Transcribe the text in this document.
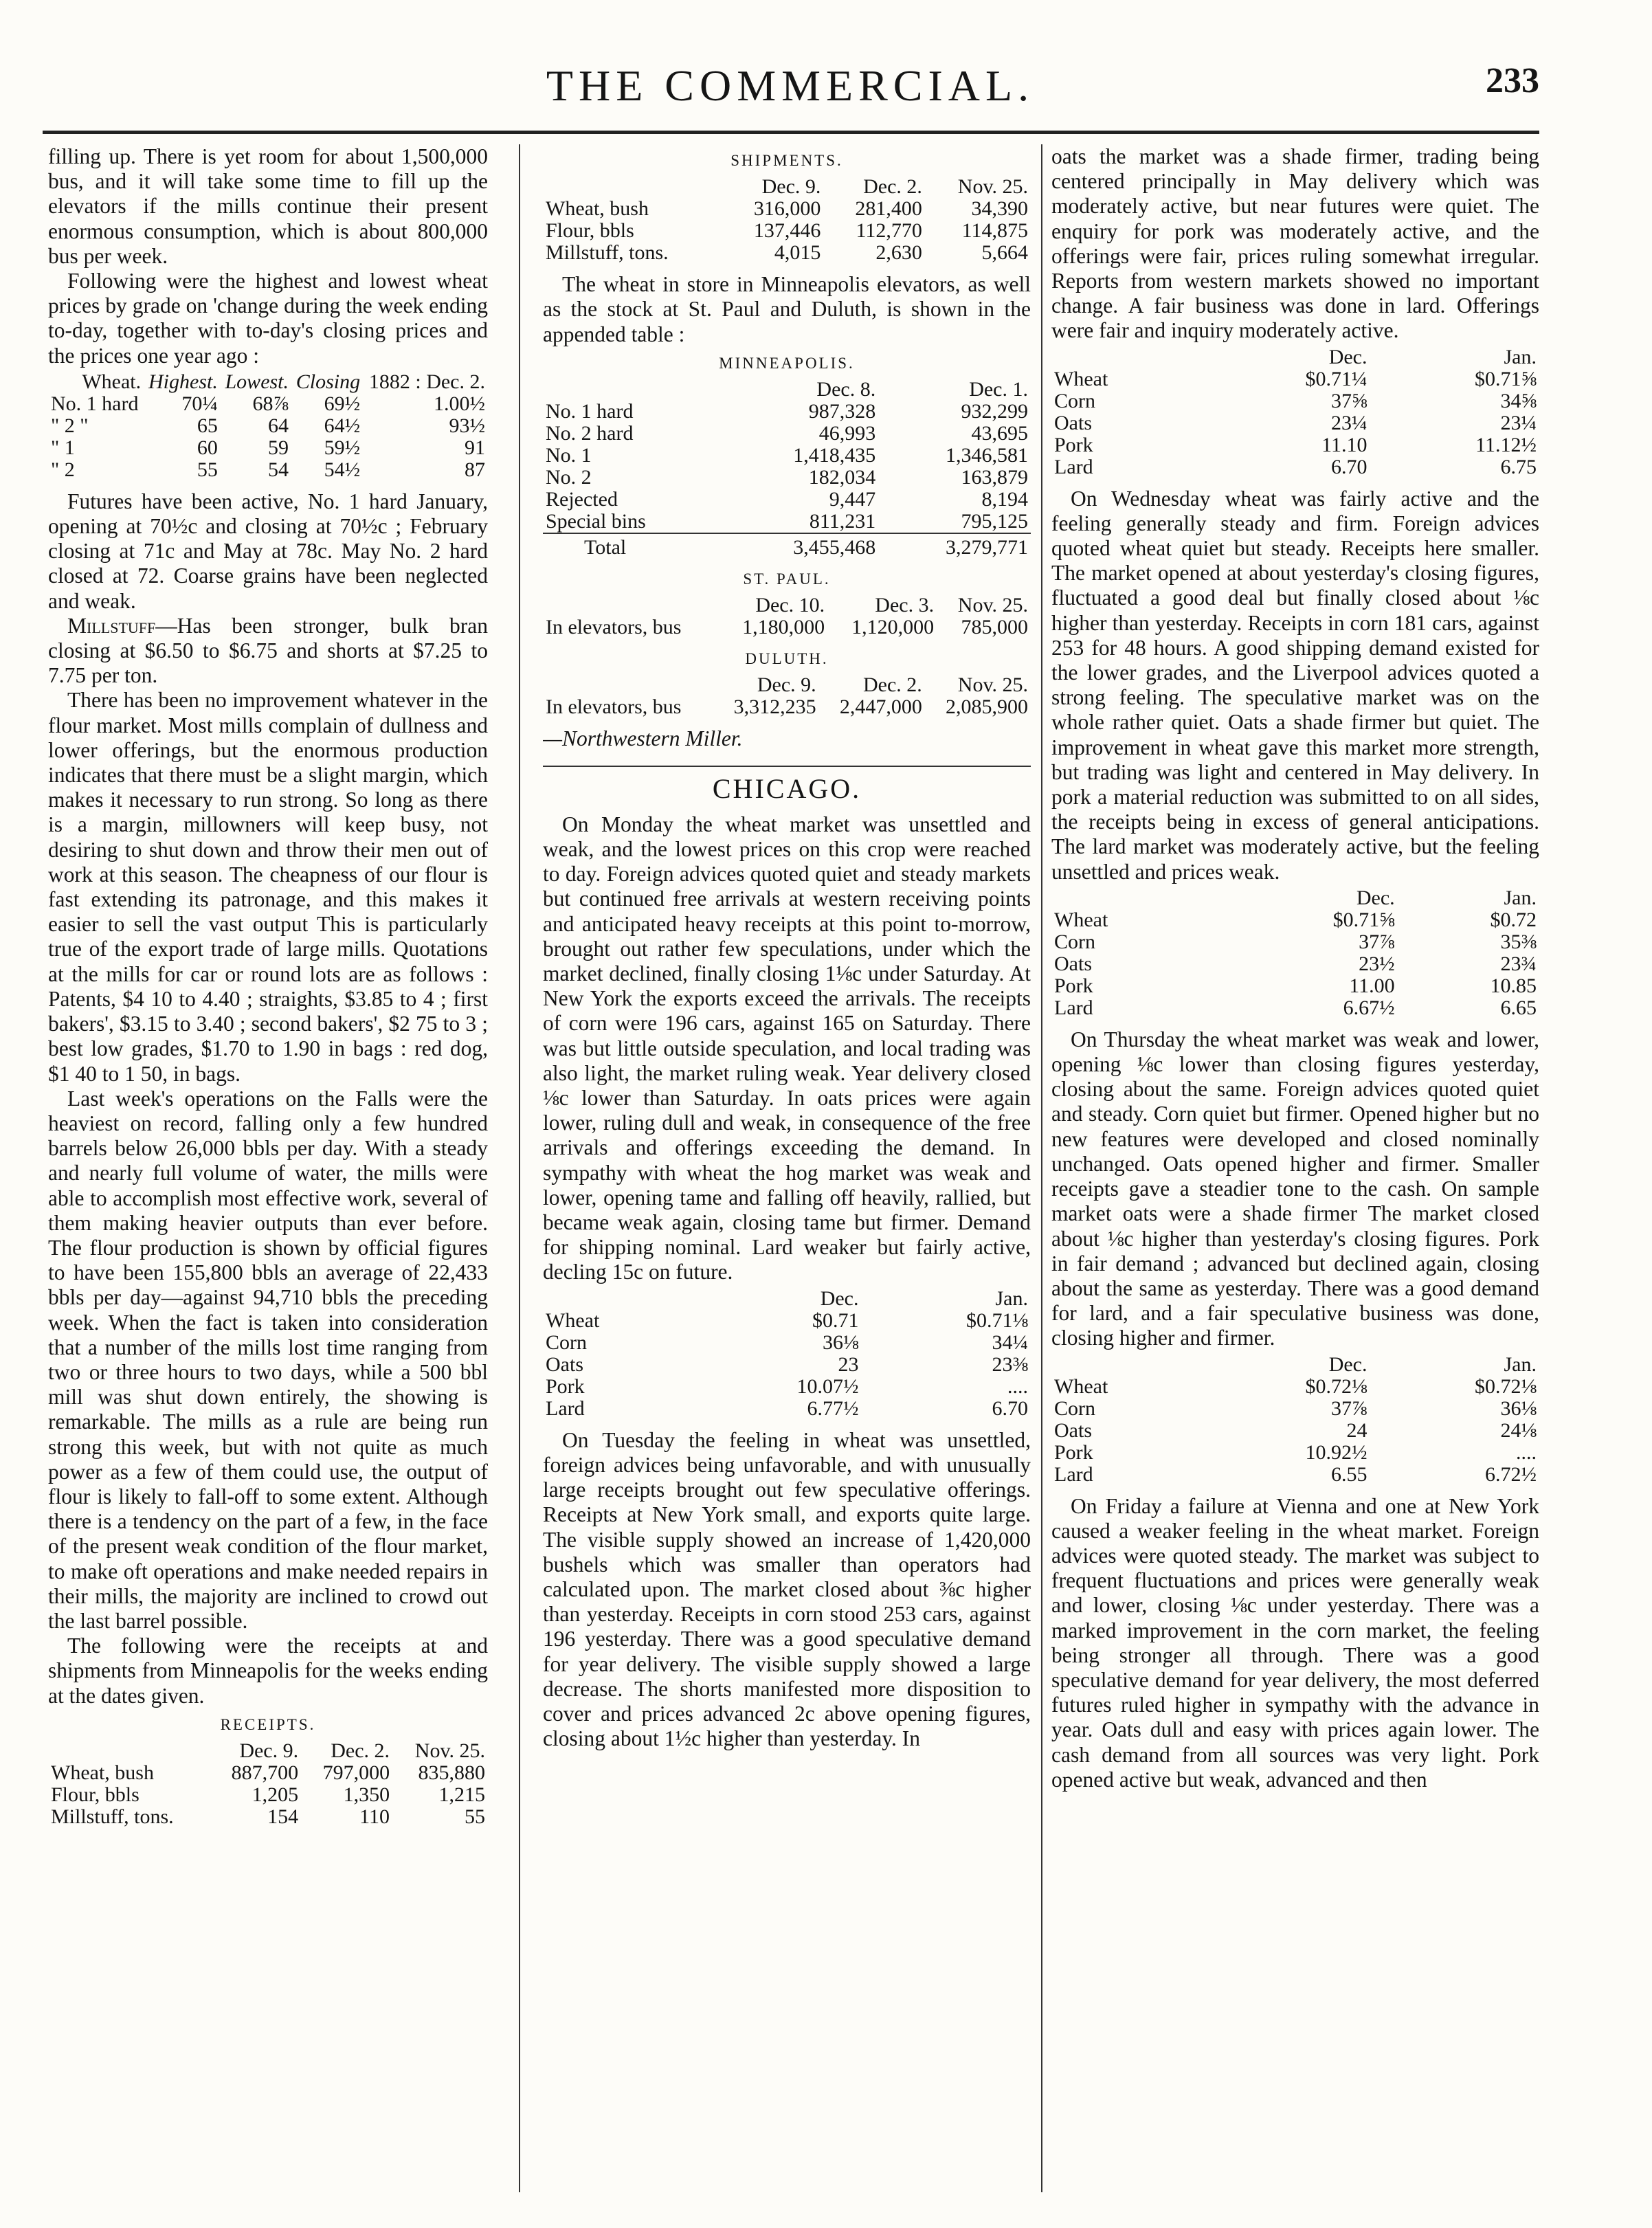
THE COMMERCIAL.	233

filling up. There is yet room for about 1,500,000 bus, and it will take some time to fill up the elevators if the mills continue their present enormous consumption, which is about 800,000 bus per week.

Following were the highest and lowest wheat prices by grade on 'change during the week ending to-day, together with to-day's closing prices and the prices one year ago :

Wheat.	Highest.	Lowest.	Closing	1882 : Dec. 2.
No. 1 hard	70¼	68⅞	69½	1.00½
" 2 "	65	64	64½	93½
" 1	60	59	59½	91
" 2	55	54	54½	87

Futures have been active, No. 1 hard January, opening at 70½c and closing at 70½c ; February closing at 71c and May at 78c. May No. 2 hard closed at 72. Coarse grains have been neglected and weak.

Millstuff—Has been stronger, bulk bran closing at $6.50 to $6.75 and shorts at $7.25 to 7.75 per ton.

There has been no improvement whatever in the flour market. Most mills complain of dullness and lower offerings, but the enormous production indicates that there must be a slight margin, which makes it necessary to run strong. So long as there is a margin, millowners will keep busy, not desiring to shut down and throw their men out of work at this season. The cheapness of our flour is fast extending its patronage, and this makes it easier to sell the vast output This is particularly true of the export trade of large mills. Quotations at the mills for car or round lots are as follows : Patents, $4 10 to 4.40 ; straights, $3.85 to 4 ; first bakers', $3.15 to 3.40 ; second bakers', $2 75 to 3 ; best low grades, $1.70 to 1.90 in bags : red dog, $1 40 to 1 50, in bags.

Last week's operations on the Falls were the heaviest on record, falling only a few hundred barrels below 26,000 bbls per day. With a steady and nearly full volume of water, the mills were able to accomplish most effective work, several of them making heavier outputs than ever before. The flour production is shown by official figures to have been 155,800 bbls an average of 22,433 bbls per day—against 94,710 bbls the preceding week. When the fact is taken into consideration that a number of the mills lost time ranging from two or three hours to two days, while a 500 bbl mill was shut down entirely, the showing is remarkable. The mills as a rule are being run strong this week, but with not quite as much power as a few of them could use, the output of flour is likely to fall-off to some extent. Although there is a tendency on the part of a few, in the face of the present weak condition of the flour market, to make oft operations and make needed repairs in their mills, the majority are inclined to crowd out the last barrel possible.

The following were the receipts at and shipments from Minneapolis for the weeks ending at the dates given.

RECEIPTS.
	Dec. 9.	Dec. 2.	Nov. 25.
Wheat, bush	887,700	797,000	835,880
Flour, bbls	1,205	1,350	1,215
Millstuff, tons.	154	110	55
SHIPMENTS.
	Dec. 9.	Dec. 2.	Nov. 25.
Wheat, bush	316,000	281,400	34,390
Flour, bbls	137,446	112,770	114,875
Millstuff, tons.	4,015	2,630	5,664

The wheat in store in Minneapolis elevators, as well as the stock at St. Paul and Duluth, is shown in the appended table :

MINNEAPOLIS.
	Dec. 8.	Dec. 1.
No. 1 hard	987,328	932,299
No. 2 hard	46,993	43,695
No. 1	1,418,435	1,346,581
No. 2	182,034	163,879
Rejected	9,447	8,194
Special bins	811,231	795,125
Total	3,455,468	3,279,771
ST. PAUL.
	Dec. 10.	Dec. 3.	Nov. 25.
In elevators, bus	1,180,000	1,120,000	785,000
DULUTH.
	Dec. 9.	Dec. 2.	Nov. 25.
In elevators, bus	3,312,235	2,447,000	2,085,900

—Northwestern Miller.

CHICAGO.

On Monday the wheat market was unsettled and weak, and the lowest prices on this crop were reached to day. Foreign advices quoted quiet and steady markets but continued free arrivals at western receiving points and anticipated heavy receipts at this point to-morrow, brought out rather few speculations, under which the market declined, finally closing 1⅛c under Saturday. At New York the exports exceed the arrivals. The receipts of corn were 196 cars, against 165 on Saturday. There was but little outside speculation, and local trading was also light, the market ruling weak. Year delivery closed ⅛c lower than Saturday. In oats prices were again lower, ruling dull and weak, in consequence of the free arrivals and offerings exceeding the demand. In sympathy with wheat the hog market was weak and lower, opening tame and falling off heavily, rallied, but became weak again, closing tame but firmer. Demand for shipping nominal. Lard weaker but fairly active, decling 15c on future.

	Dec.	Jan.
Wheat	$0.71	$0.71⅛
Corn	36⅛	34¼
Oats	23	23⅜
Pork	10.07½	....
Lard	6.77½	6.70

On Tuesday the feeling in wheat was unsettled, foreign advices being unfavorable, and with unusually large receipts brought out few speculative offerings. Receipts at New York small, and exports quite large. The visible supply showed an increase of 1,420,000 bushels which was smaller than operators had calculated upon. The market closed about ⅜c higher than yesterday. Receipts in corn stood 253 cars, against 196 yesterday. There was a good speculative demand for year delivery. The visible supply showed a large decrease. The shorts manifested more disposition to cover and prices advanced 2c above opening figures, closing about 1½c higher than yesterday. In

oats the market was a shade firmer, trading being centered principally in May delivery which was moderately active, but near futures were quiet. The enquiry for pork was moderately active, and the offerings were fair, prices ruling somewhat irregular. Reports from western markets showed no important change. A fair business was done in lard. Offerings were fair and inquiry moderately active.

	Dec.	Jan.
Wheat	$0.71¼	$0.71⅝
Corn	37⅝	34⅝
Oats	23¼	23¼
Pork	11.10	11.12½
Lard	6.70	6.75

On Wednesday wheat was fairly active and the feeling generally steady and firm. Foreign advices quoted wheat quiet but steady. Receipts here smaller. The market opened at about yesterday's closing figures, fluctuated a good deal but finally closed about ⅛c higher than yesterday. Receipts in corn 181 cars, against 253 for 48 hours. A good shipping demand existed for the lower grades, and the Liverpool advices quoted a strong feeling. The speculative market was on the whole rather quiet. Oats a shade firmer but quiet. The improvement in wheat gave this market more strength, but trading was light and centered in May delivery. In pork a material reduction was submitted to on all sides, the receipts being in excess of general anticipations. The lard market was moderately active, but the feeling unsettled and prices weak.

	Dec.	Jan.
Wheat	$0.71⅝	$0.72
Corn	37⅞	35⅜
Oats	23½	23¾
Pork	11.00	10.85
Lard	6.67½	6.65

On Thursday the wheat market was weak and lower, opening ⅛c lower than closing figures yesterday, closing about the same. Foreign advices quoted quiet and steady. Corn quiet but firmer. Opened higher but no new features were developed and closed nominally unchanged. Oats opened higher and firmer. Smaller receipts gave a steadier tone to the cash. On sample market oats were a shade firmer The market closed about ⅛c higher than yesterday's closing figures. Pork in fair demand ; advanced but declined again, closing about the same as yesterday. There was a good demand for lard, and a fair speculative business was done, closing higher and firmer.

	Dec.	Jan.
Wheat	$0.72⅛	$0.72⅛
Corn	37⅞	36⅛
Oats	24	24⅛
Pork	10.92½	....
Lard	6.55	6.72½

On Friday a failure at Vienna and one at New York caused a weaker feeling in the wheat market. Foreign advices were quoted steady. The market was subject to frequent fluctuations and prices were generally weak and lower, closing ⅛c under yesterday. There was a marked improvement in the corn market, the feeling being stronger all through. There was a good speculative demand for year delivery, the most deferred futures ruled higher in sympathy with the advance in year. Oats dull and easy with prices again lower. The cash demand from all sources was very light. Pork opened active but weak, advanced and then
